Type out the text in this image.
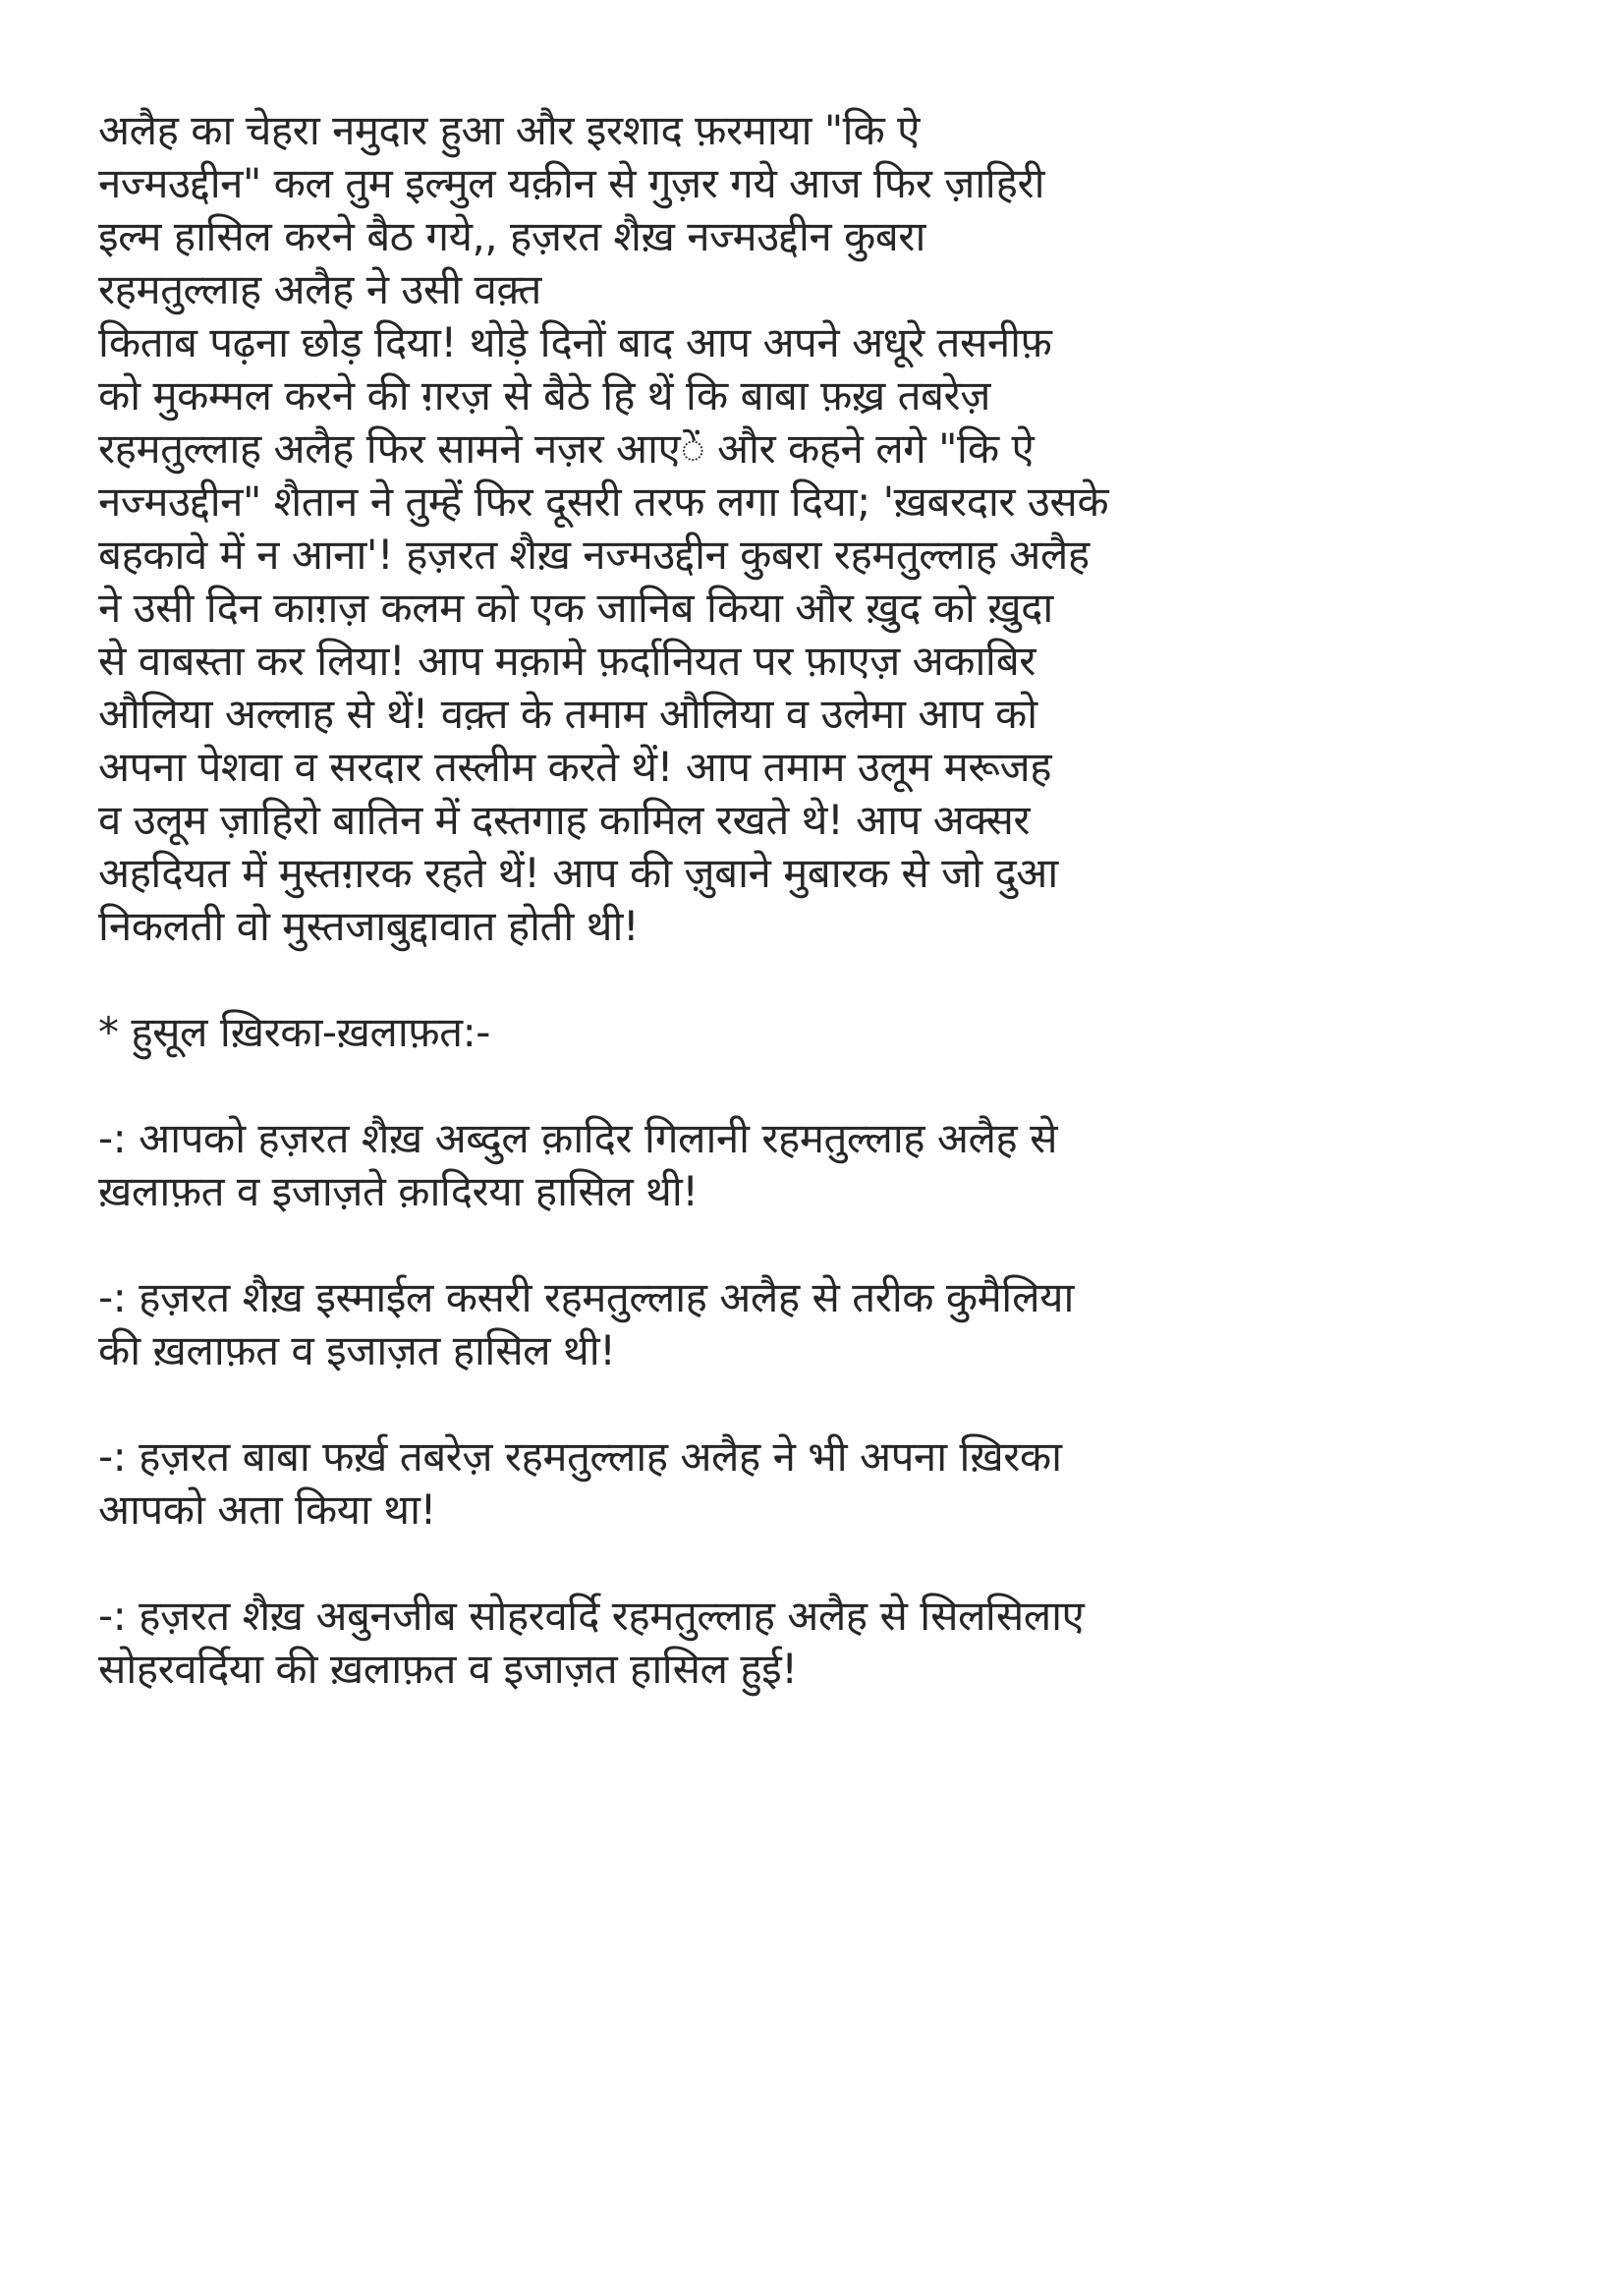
अलैह का चेहरा नमुदार हुआ और इरशाद फ़रमाया "कि ऐ
नज्मउद्दीन" कल तुम इल्मुल यक़ीन से गुज़र गये आज फिर ज़ाहिरी
इल्म हासिल करने बैठ गये,, हज़रत शैख़ नज्मउद्दीन कुबरा
रहमतुल्लाह अलैह ने उसी वक़्त
किताब पढ़ना छोड़ दिया! थोड़े दिनों बाद आप अपने अधूरे तसनीफ़
को मुकम्मल करने की ग़रज़ से बैठे हि थें कि बाबा फ़ख़्र तबरेज़
रहमतुल्लाह अलैह फिर सामने नज़र आएें और कहने लगे "कि ऐ
नज्मउद्दीन" शैतान ने तुम्हें फिर दूसरी तरफ लगा दिया; 'ख़बरदार उसके
बहकावे में न आना'! हज़रत शैख़ नज्मउद्दीन कुबरा रहमतुल्लाह अलैह
ने उसी दिन काग़ज़ कलम को एक जानिब किया और ख़ुद को ख़ुदा
से वाबस्ता कर लिया! आप मक़ामे फ़र्दानियत पर फ़ाएज़ अकाबिर
औलिया अल्लाह से थें! वक़्त के तमाम औलिया व उलेमा आप को
अपना पेशवा व सरदार तस्लीम करते थें! आप तमाम उलूम मरूजह
व उलूम ज़ाहिरो बातिन में दस्तगाह कामिल रखते थे! आप अक्सर
अहदियत में मुस्तग़रक रहते थें! आप की ज़ुबाने मुबारक से जो दुआ
निकलती वो मुस्तजाबुद्दावात होती थी!
* हुसूल ख़िरका-ख़लाफ़त:-
-: आपको हज़रत शैख़ अब्दुल क़ादिर गिलानी रहमतुल्लाह अलैह से
ख़लाफ़त व इजाज़ते क़ादिरया हासिल थी!
-: हज़रत शैख़ इस्माईल कसरी रहमतुल्लाह अलैह से तरीक कुमैलिया
की ख़लाफ़त व इजाज़त हासिल थी!
-: हज़रत बाबा फर्ख़ तबरेज़ रहमतुल्लाह अलैह ने भी अपना ख़िरका
आपको अता किया था!
-: हज़रत शैख़ अबुनजीब सोहरवर्दि रहमतुल्लाह अलैह से सिलसिलाए
सोहरवर्दिया की ख़लाफ़त व इजाज़त हासिल हुई!
